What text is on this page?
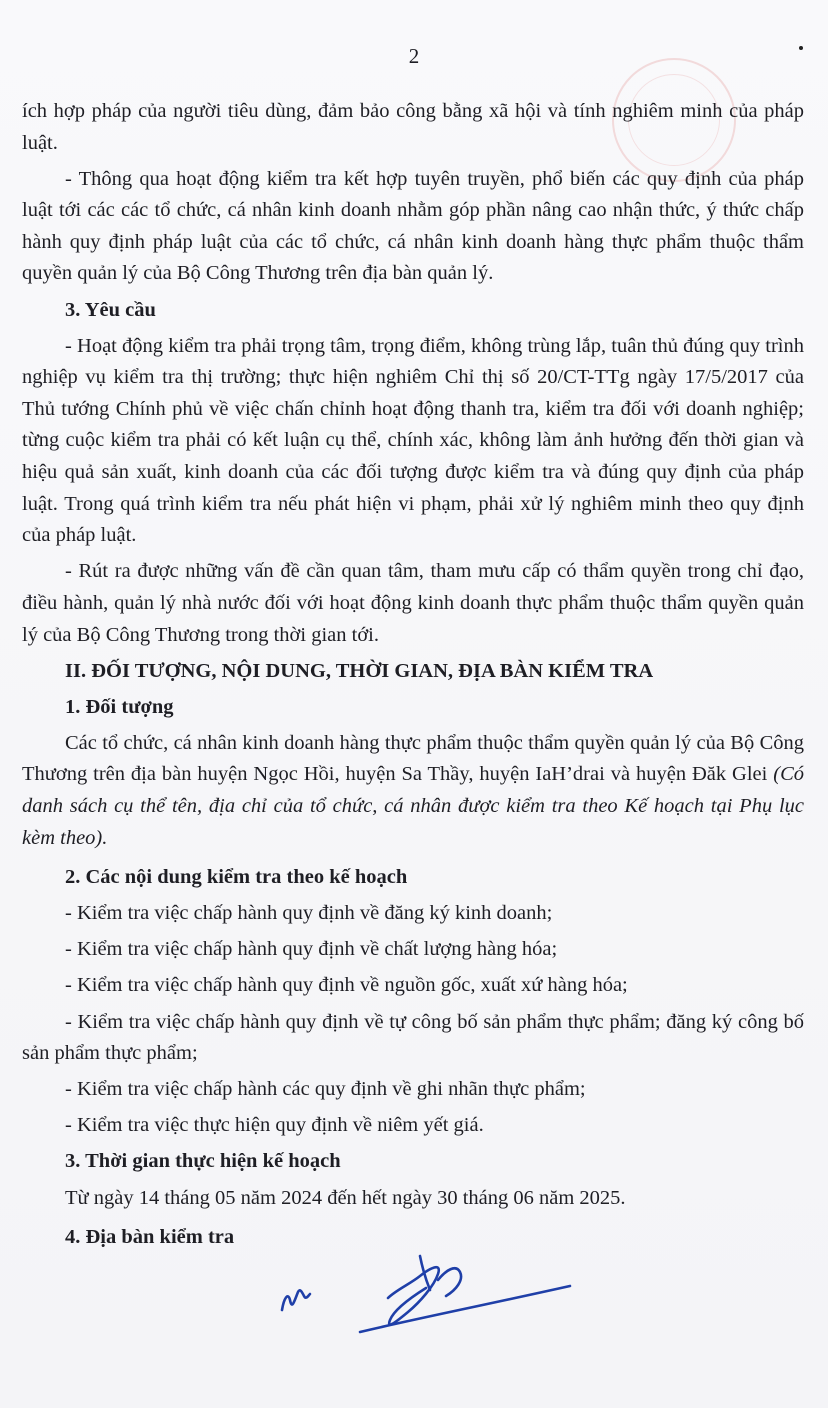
2

ích hợp pháp của người tiêu dùng, đảm bảo công bằng xã hội và tính nghiêm minh của pháp luật.

- Thông qua hoạt động kiểm tra kết hợp tuyên truyền, phổ biến các quy định của pháp luật tới các các tổ chức, cá nhân kinh doanh nhằm góp phần nâng cao nhận thức, ý thức chấp hành quy định pháp luật của các tổ chức, cá nhân kinh doanh hàng thực phẩm thuộc thẩm quyền quản lý của Bộ Công Thương trên địa bàn quản lý.

3. Yêu cầu

- Hoạt động kiểm tra phải trọng tâm, trọng điểm, không trùng lắp, tuân thủ đúng quy trình nghiệp vụ kiểm tra thị trường; thực hiện nghiêm Chỉ thị số 20/CT-TTg ngày 17/5/2017 của Thủ tướng Chính phủ về việc chấn chỉnh hoạt động thanh tra, kiểm tra đối với doanh nghiệp; từng cuộc kiểm tra phải có kết luận cụ thể, chính xác, không làm ảnh hưởng đến thời gian và hiệu quả sản xuất, kinh doanh của các đối tượng được kiểm tra và đúng quy định của pháp luật. Trong quá trình kiểm tra nếu phát hiện vi phạm, phải xử lý nghiêm minh theo quy định của pháp luật.

- Rút ra được những vấn đề cần quan tâm, tham mưu cấp có thẩm quyền trong chỉ đạo, điều hành, quản lý nhà nước đối với hoạt động kinh doanh thực phẩm thuộc thẩm quyền quản lý của Bộ Công Thương trong thời gian tới.

II. ĐỐI TƯỢNG, NỘI DUNG, THỜI GIAN, ĐỊA BÀN KIỂM TRA

1. Đối tượng

Các tổ chức, cá nhân kinh doanh hàng thực phẩm thuộc thẩm quyền quản lý của Bộ Công Thương trên địa bàn huyện Ngọc Hồi, huyện Sa Thầy, huyện IaH’drai và huyện Đăk Glei (Có danh sách cụ thể tên, địa chỉ của tổ chức, cá nhân được kiểm tra theo Kế hoạch tại Phụ lục kèm theo).

2. Các nội dung kiểm tra theo kế hoạch

- Kiểm tra việc chấp hành quy định về đăng ký kinh doanh;

- Kiểm tra việc chấp hành quy định về chất lượng hàng hóa;

- Kiểm tra việc chấp hành quy định về nguồn gốc, xuất xứ hàng hóa;

- Kiểm tra việc chấp hành quy định về tự công bố sản phẩm thực phẩm; đăng ký công bố sản phẩm thực phẩm;

- Kiểm tra việc chấp hành các quy định về ghi nhãn thực phẩm;

- Kiểm tra việc thực hiện quy định về niêm yết giá.

3. Thời gian thực hiện kế hoạch

Từ ngày 14 tháng 05 năm 2024 đến hết ngày 30 tháng 06 năm 2025.

4. Địa bàn kiểm tra
